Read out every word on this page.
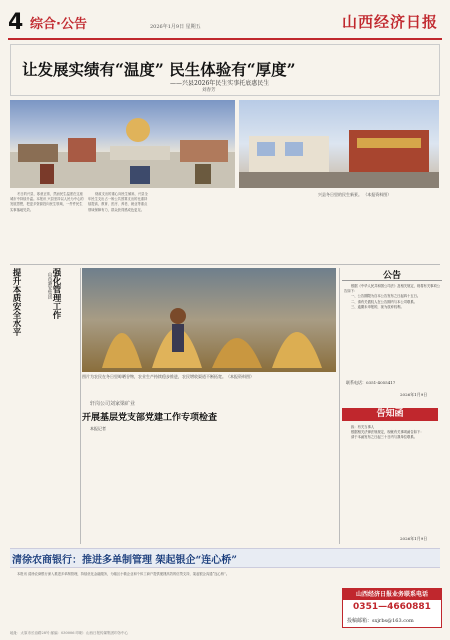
4 综合·公告	2026年1月9日 星期五	山西经济日报
让发展实绩有“温度” 民生体验有“厚度”
——兴县2026年民生实事托底惠民生
刘春芳

冬日的兴县，寒意正浓，然而民生温度在这座城市中持续升温。本报讯 兴县坚持以人民为中心的发展思想，把更多资源投向民生领域，一件件民生实事落地见效。

财政支出的重心向民生倾斜，兴县全年民生支出占一般公共预算支出的比重持续提高，教育、医疗、养老、就业等重点领域保障有力，群众获得感成色更足。

兴县冬日里的民生新景。 （本报资料图）
强化管理工作
提升本质安全水平	山西潞安集团
图片为农民在冬日里晾晒谷物，农业生产持续稳步推进，农民增收渠道不断拓宽。（本报资料图）
轩岗公司刘家梁矿业
开展基层党支部党建工作专项检查
本报记者
公告

根据《中华人民共和国公司法》及相关规定，现将有关事项公告如下：

一、公告期限为自本公告发布之日起四十五日。

二、请有关债权人在公告期内与本公司联系。

三、逾期未申报的，视为放弃权利。

联系电话：0351-4055417
2026年1月9日
告知函

致：有关当事人

根据相关法律法规规定，现就有关事项函告如下：

请于本函发布之日起三十日内与我单位联系。

2026年1月9日
清徐农商银行：推进多单制管理 架起银企“连心桥”

本报讯 清徐农商银行深入推进多单制管理，持续优化金融服务，为辖区小微企业和个体工商户提供便捷高效的信贷支持，架起银企沟通“连心桥”。

山西经济日报业务联系电话
0351—4660881
投稿邮箱：sxjrbs@163.com
地址：太原市长治路28号 邮编：030006 印刷：山西日报传媒集团印务中心
